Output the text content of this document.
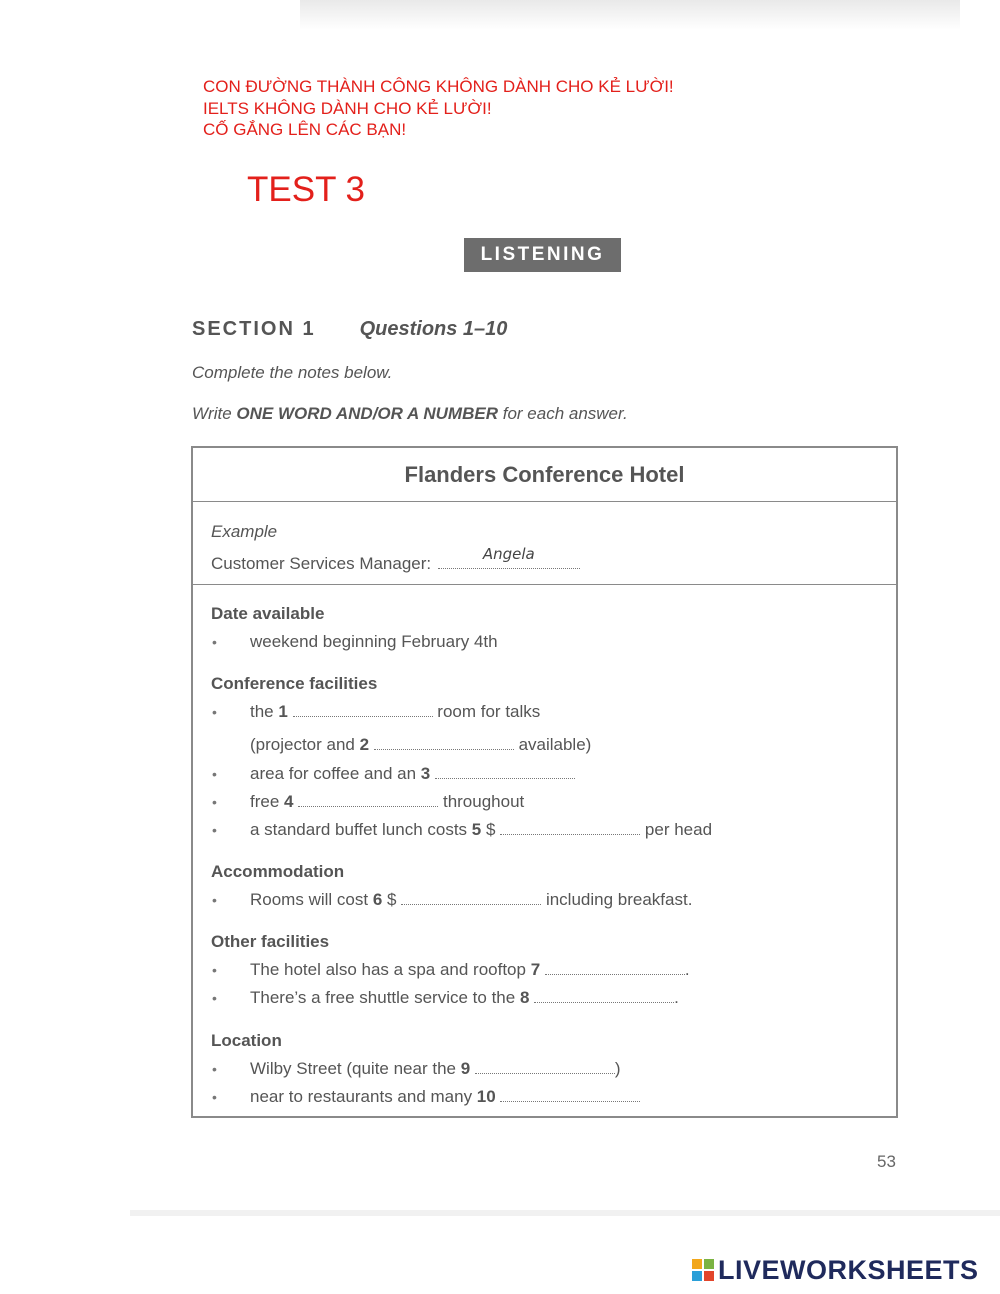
CON ĐƯỜNG THÀNH CÔNG KHÔNG DÀNH CHO KẺ LƯỜI!
IELTS KHÔNG DÀNH CHO KẺ LƯỜI!
CỐ GẮNG LÊN CÁC BẠN!
TEST 3
LISTENING
SECTION 1 Questions 1–10
Complete the notes below.
Write ONE WORD AND/OR A NUMBER for each answer.
Flanders Conference Hotel
Example
Customer Services Manager:	Angela
Date available
• weekend beginning February 4th
Conference facilities
• the 1	room for talks
(projector and 2	available)
• area for coffee and an 3
• free 4	throughout
• a standard buffet lunch costs 5 $	per head
Accommodation
• Rooms will cost 6 $	including breakfast.
Other facilities
• The hotel also has a spa and rooftop 7	.
• There’s a free shuttle service to the 8	.
Location
• Wilby Street (quite near the 9	)
• near to restaurants and many 10
53
LIVEWORKSHEETS
